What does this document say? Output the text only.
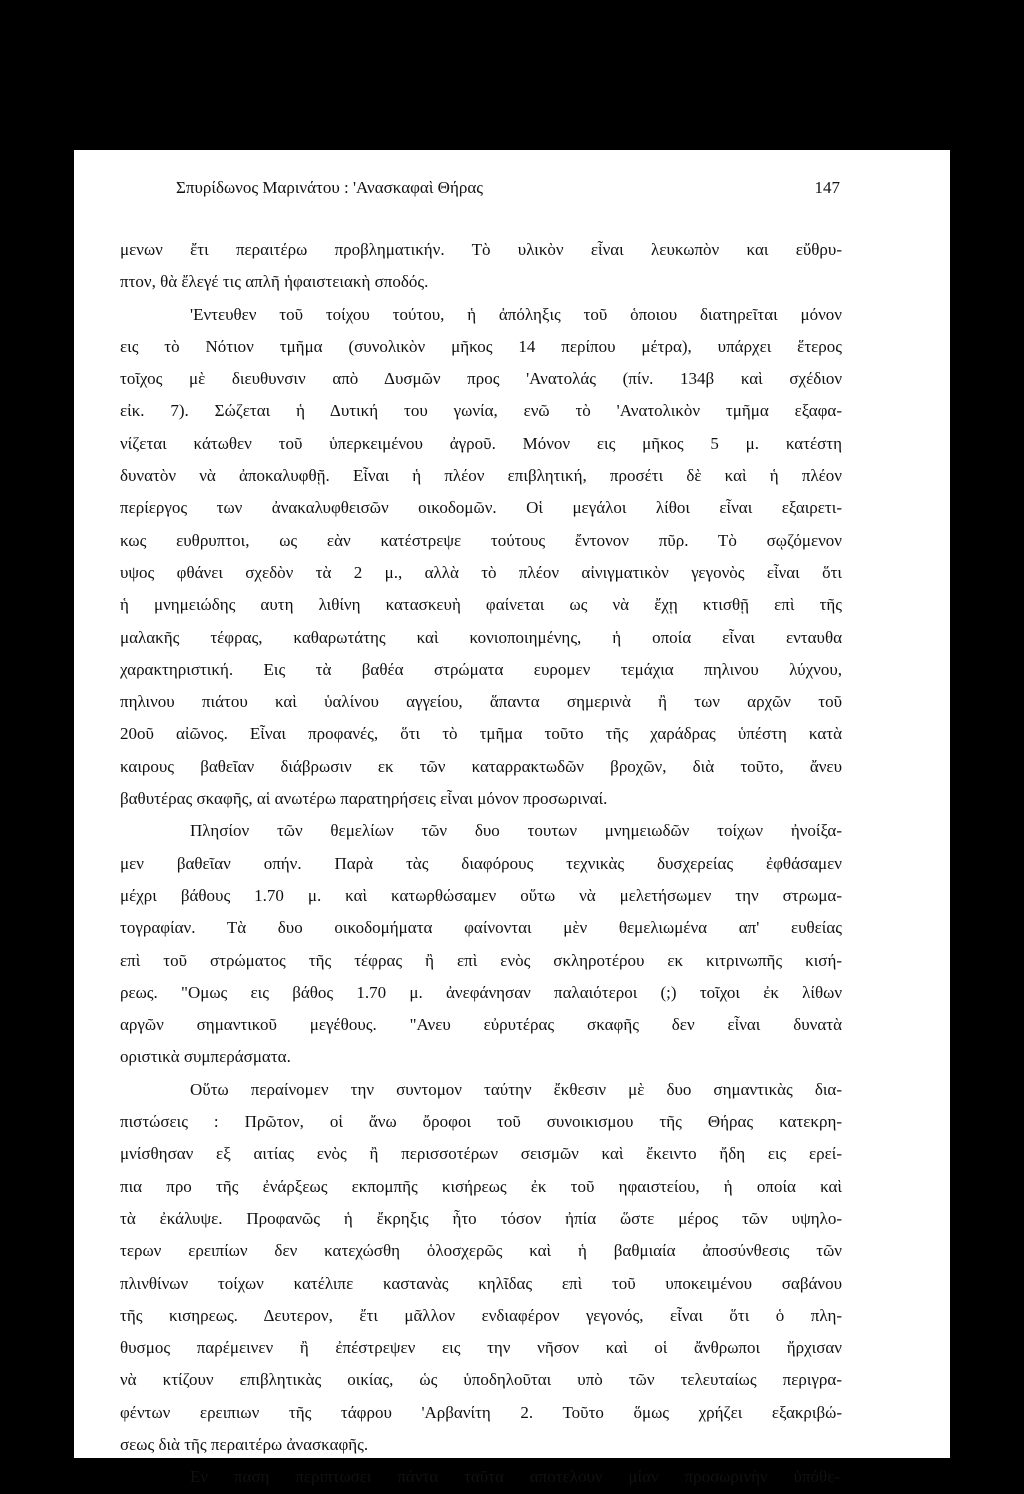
Σπυρίδωνος Μαρινάτου : 'Ανασκαφαὶ Θήρας	147
μενων ἔτι περαιτέρω προβληματικήν. Τὸ υλικὸν εἶναι λευκωπὸν και εὔθρυ-
πτον, θὰ ἔλεγέ τις απλῆ ἡφαιστειακὴ σποδός.
'Εντευθεν τοῦ τοίχου τούτου, ἡ ἀπόληξις τοῦ ὁποιου διατηρεῖται μόνον
εις τὸ Νότιον τμῆμα (συνολικὸν μῆκος 14 περίπου μέτρα), υπάρχει ἕτερος
τοῖχος μὲ διευθυνσιν απὸ Δυσμῶν προς 'Ανατολάς (πίν. 134β καὶ σχέδιον
εἰκ. 7). Σώζεται ἡ Δυτική του γωνία, ενῶ τὸ 'Ανατολικὸν τμῆμα εξαφα-
νίζεται κάτωθεν τοῦ ὑπερκειμένου ἀγροῦ. Μόνον εις μῆκος 5 μ. κατέστη
δυνατὸν νὰ ἀποκαλυφθῇ. Εἶναι ἡ πλέον επιβλητική, προσέτι δὲ καὶ ἡ πλέον
περίεργος των ἀνακαλυφθεισῶν οικοδομῶν. Οἱ μεγάλοι λίθοι εἶναι εξαιρετι-
κως ευθρυπτοι, ως εὰν κατέστρεψε τούτους ἔντονον πῦρ. Τὸ σῳζόμενον
υψος φθάνει σχεδὸν τὰ 2 μ., αλλὰ τὸ πλέον αἰνιγματικὸν γεγονὸς εἶναι ὅτι
ἡ μνημειώδης αυτη λιθίνη κατασκευὴ φαίνεται ως νὰ ἔχῃ κτισθῇ επὶ τῆς
μαλακῆς τέφρας, καθαρωτάτης καὶ κονιοποιημένης, ἡ οποία εἶναι ενταυθα
χαρακτηριστική. Εις τὰ βαθέα στρώματα ευρομεν τεμάχια πηλινου λύχνου,
πηλινου πιάτου καὶ ὑαλίνου αγγείου, ἅπαντα σημερινὰ ἢ των αρχῶν τοῦ
20οῦ αἰῶνος. Εἶναι προφανές, ὅτι τὸ τμῆμα τοῦτο τῆς χαράδρας ὑπέστη κατὰ
καιρους βαθεῖαν διάβρωσιν εκ τῶν καταρρακτωδῶν βροχῶν, διὰ τοῦτο, ἄνευ
βαθυτέρας σκαφῆς, αἱ ανωτέρω παρατηρήσεις εἶναι μόνον προσωριναί.
Πλησίον τῶν θεμελίων τῶν δυο τουτων μνημειωδῶν τοίχων ἠνοίξα-
μεν βαθεῖαν οπήν. Παρὰ τὰς διαφόρους τεχνικὰς δυσχερείας ἐφθάσαμεν
μέχρι βάθους 1.70 μ. καὶ κατωρθώσαμεν οὕτω νὰ μελετήσωμεν την στρωμα-
τογραφίαν. Τὰ δυο οικοδομήματα φαίνονται μὲν θεμελιωμένα απ' ευθείας
επὶ τοῦ στρώματος τῆς τέφρας ἢ επὶ ενὸς σκληροτέρου εκ κιτρινωπῆς κισή-
ρεως. "Ομως εις βάθος 1.70 μ. ἀνεφάνησαν παλαιότεροι (;) τοῖχοι ἐκ λίθων
αργῶν σημαντικοῦ μεγέθους. "Ανευ εὐρυτέρας σκαφῆς δεν εἶναι δυνατὰ
οριστικὰ συμπεράσματα.
Οὕτω περαίνομεν την συντομον ταύτην ἔκθεσιν μὲ δυο σημαντικὰς δια-
πιστώσεις : Πρῶτον, οἱ ἄνω ὄροφοι τοῦ συνοικισμου τῆς Θήρας κατεκρη-
μνίσθησαν εξ αιτίας ενὸς ἢ περισσοτέρων σεισμῶν καὶ ἔκειντο ἤδη εις ερεί-
πια προ τῆς ἐνάρξεως εκπομπῆς κισήρεως ἐκ τοῦ ηφαιστείου, ἡ οποία καὶ
τὰ ἐκάλυψε. Προφανῶς ἡ ἔκρηξις ἦτο τόσον ἠπία ὥστε μέρος τῶν υψηλο-
τερων ερειπίων δεν κατεχώσθη ὁλοσχερῶς καὶ ἡ βαθμιαία ἀποσύνθεσις τῶν
πλινθίνων τοίχων κατέλιπε καστανὰς κηλῖδας επὶ τοῦ υποκειμένου σαβάνου
τῆς κισηρεως. Δευτερον, ἔτι μᾶλλον ενδιαφέρον γεγονός, εἶναι ὅτι ὁ πλη-
θυσμος παρέμεινεν ἢ ἐπέστρεψεν εις την νῆσον καὶ οἱ ἄνθρωποι ἤρχισαν
νὰ κτίζουν επιβλητικὰς οικίας, ὡς ὑποδηλοῦται υπὸ τῶν τελευταίως περιγρα-
φέντων ερειπιων τῆς τάφρου 'Αρβανίτη 2. Τοῦτο ὅμως χρήζει εξακριβώ-
σεως διὰ τῆς περαιτέρω ἀνασκαφῆς.
Εν παση περιπτωσει πάντα ταῦτα αποτελουν μίαν προσωρινὴν ὑπόθε-
